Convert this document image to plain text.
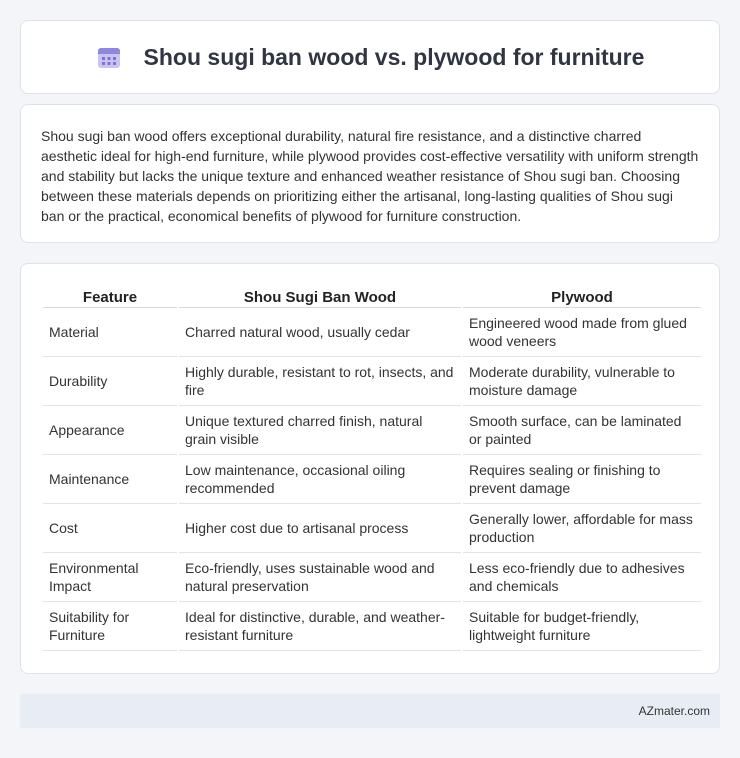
Shou sugi ban wood vs. plywood for furniture

Shou sugi ban wood offers exceptional durability, natural fire resistance, and a distinctive charred aesthetic ideal for high-end furniture, while plywood provides cost-effective versatility with uniform strength and stability but lacks the unique texture and enhanced weather resistance of Shou sugi ban. Choosing between these materials depends on prioritizing either the artisanal, long-lasting qualities of Shou sugi ban or the practical, economical benefits of plywood for furniture construction.

Feature	Shou Sugi Ban Wood	Plywood
Material	Charred natural wood, usually cedar	Engineered wood made from glued wood veneers
Durability	Highly durable, resistant to rot, insects, and fire	Moderate durability, vulnerable to moisture damage
Appearance	Unique textured charred finish, natural grain visible	Smooth surface, can be laminated or painted
Maintenance	Low maintenance, occasional oiling recommended	Requires sealing or finishing to prevent damage
Cost	Higher cost due to artisanal process	Generally lower, affordable for mass production
Environmental Impact	Eco-friendly, uses sustainable wood and natural preservation	Less eco-friendly due to adhesives and chemicals
Suitability for Furniture	Ideal for distinctive, durable, and weather-resistant furniture	Suitable for budget-friendly, lightweight furniture
AZmater.com
